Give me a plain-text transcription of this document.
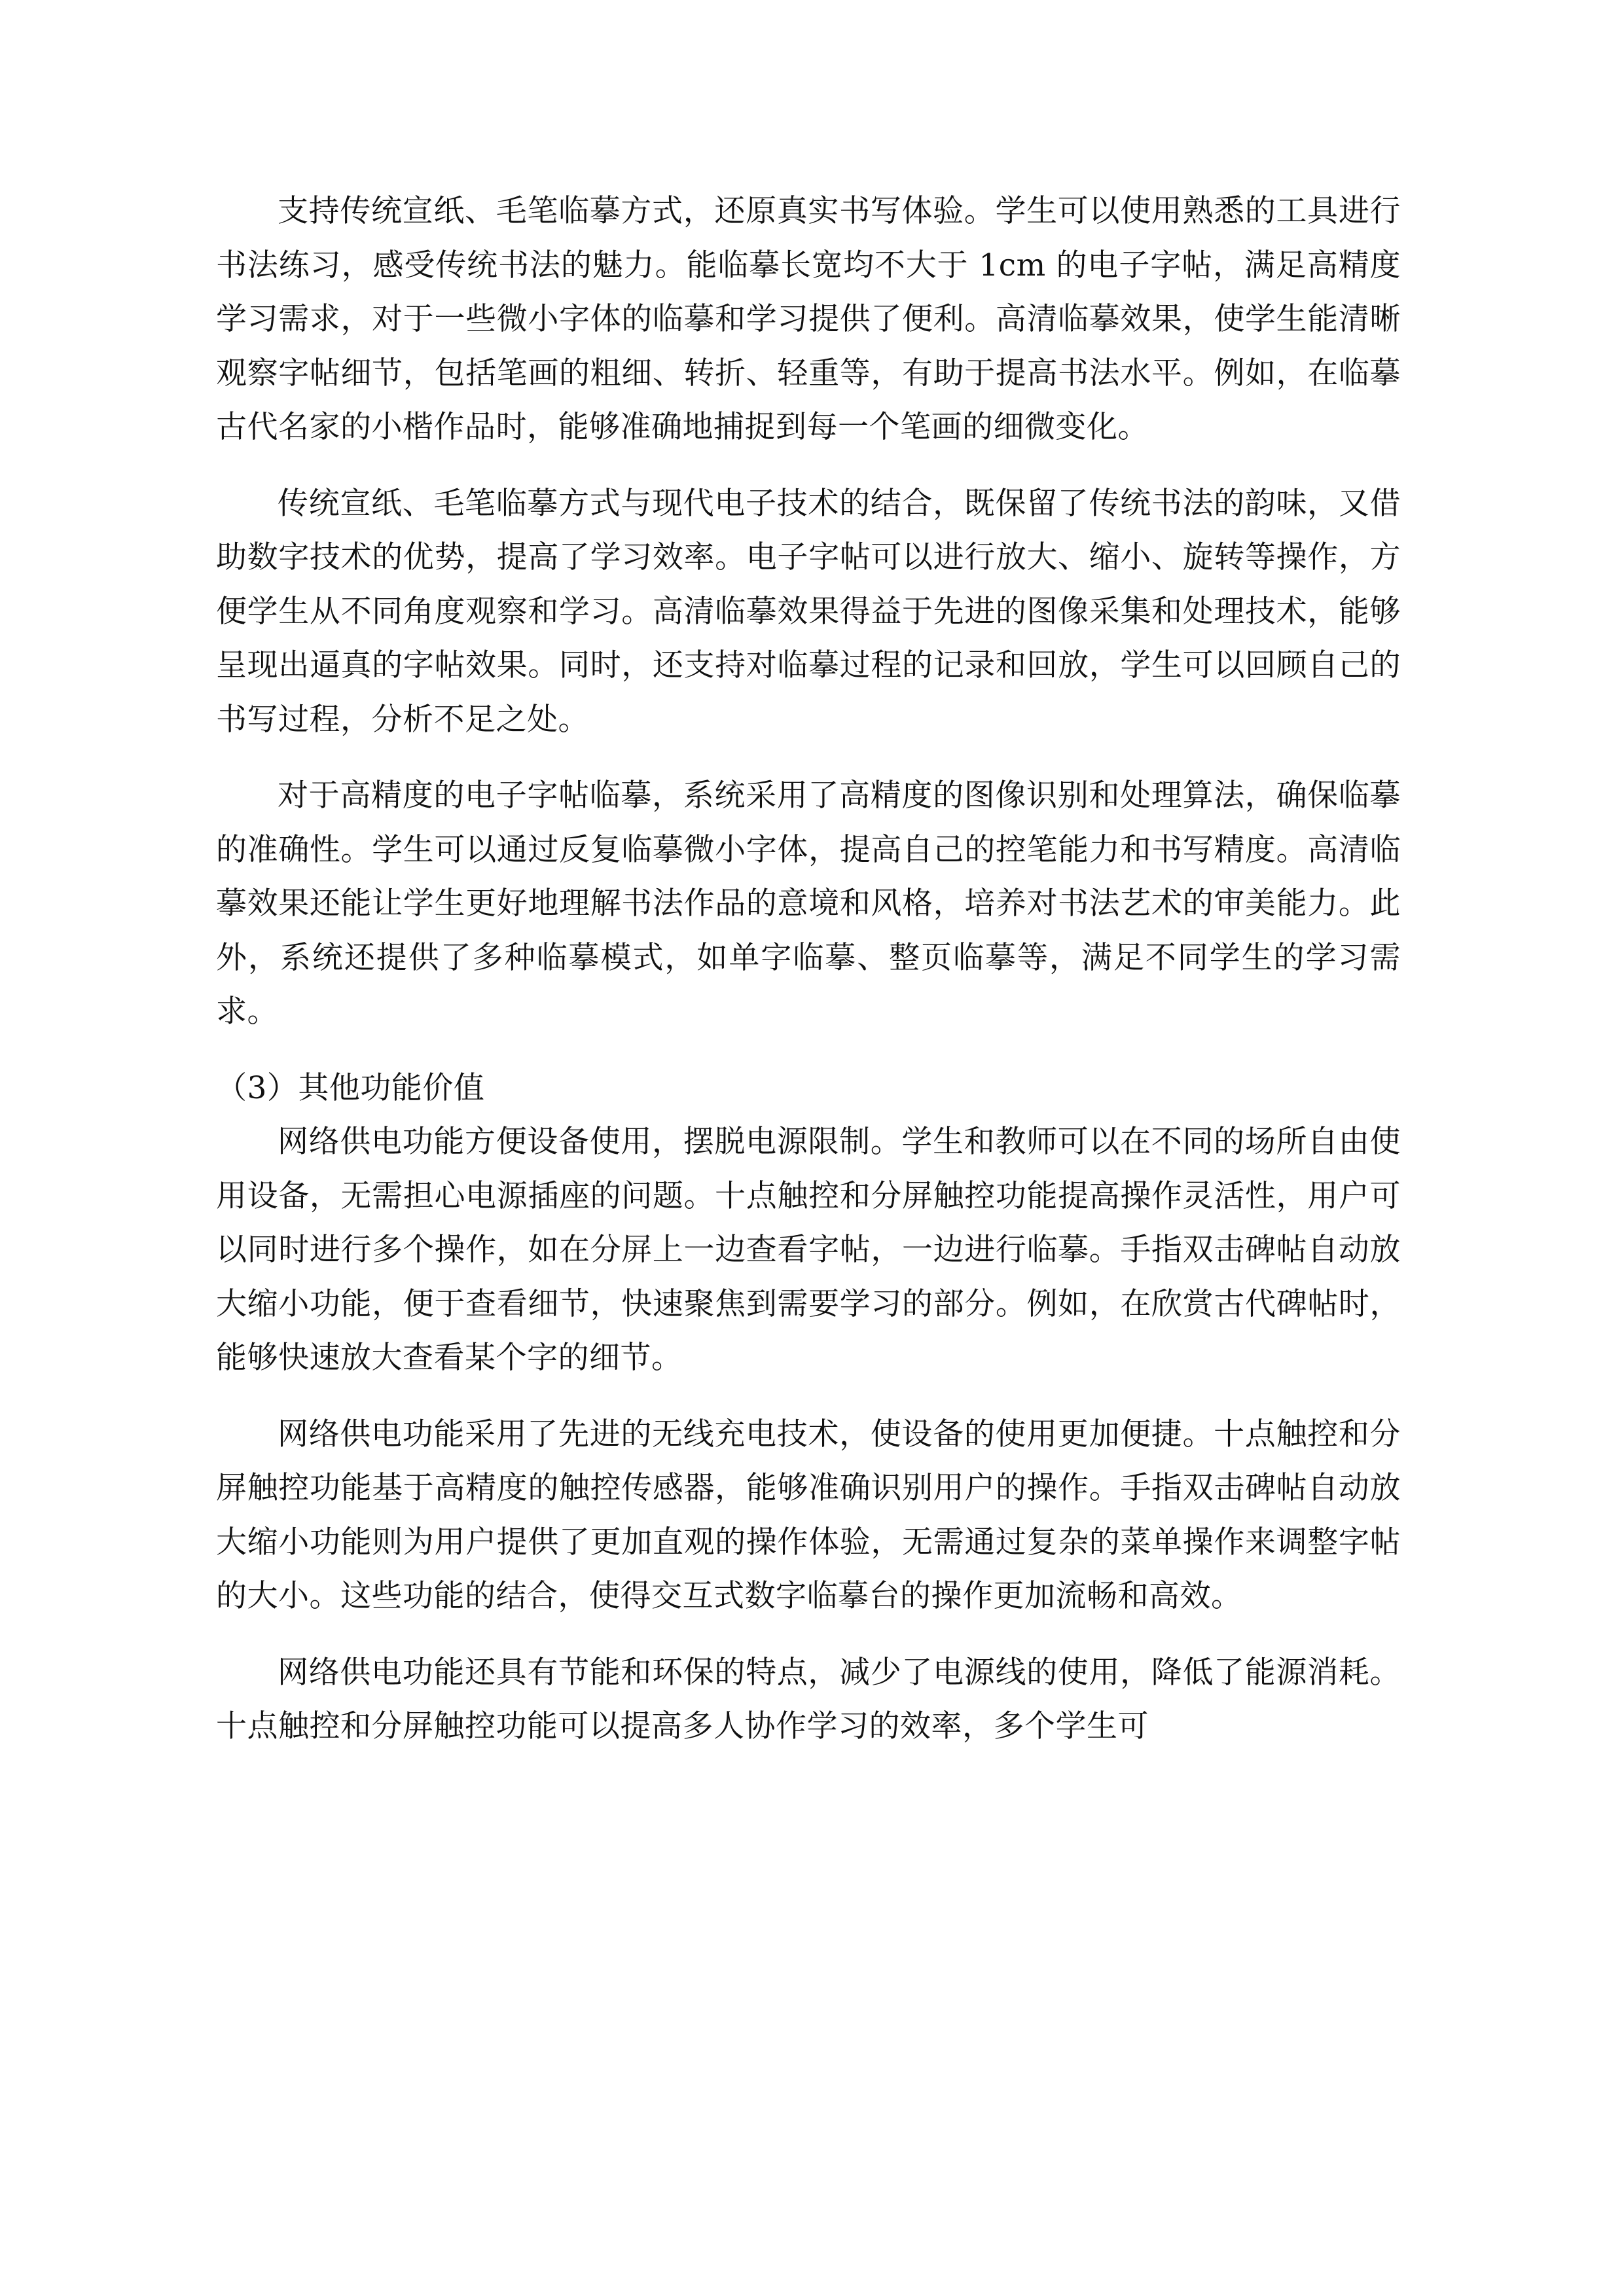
支持传统宣纸、毛笔临摹方式，还原真实书写体验。学生可以使用熟悉的工具进行书法练习，感受传统书法的魅力。能临摹长宽均不大于 1cm 的电子字帖，满足高精度学习需求，对于一些微小字体的临摹和学习提供了便利。高清临摹效果，使学生能清晰观察字帖细节，包括笔画的粗细、转折、轻重等，有助于提高书法水平。例如，在临摹古代名家的小楷作品时，能够准确地捕捉到每一个笔画的细微变化。

传统宣纸、毛笔临摹方式与现代电子技术的结合，既保留了传统书法的韵味，又借助数字技术的优势，提高了学习效率。电子字帖可以进行放大、缩小、旋转等操作，方便学生从不同角度观察和学习。高清临摹效果得益于先进的图像采集和处理技术，能够呈现出逼真的字帖效果。同时，还支持对临摹过程的记录和回放，学生可以回顾自己的书写过程，分析不足之处。

对于高精度的电子字帖临摹，系统采用了高精度的图像识别和处理算法，确保临摹的准确性。学生可以通过反复临摹微小字体，提高自己的控笔能力和书写精度。高清临摹效果还能让学生更好地理解书法作品的意境和风格，培养对书法艺术的审美能力。此外，系统还提供了多种临摹模式，如单字临摹、整页临摹等，满足不同学生的学习需求。

（3）其他功能价值

网络供电功能方便设备使用，摆脱电源限制。学生和教师可以在不同的场所自由使用设备，无需担心电源插座的问题。十点触控和分屏触控功能提高操作灵活性，用户可以同时进行多个操作，如在分屏上一边查看字帖，一边进行临摹。手指双击碑帖自动放大缩小功能，便于查看细节，快速聚焦到需要学习的部分。例如，在欣赏古代碑帖时，能够快速放大查看某个字的细节。

网络供电功能采用了先进的无线充电技术，使设备的使用更加便捷。十点触控和分屏触控功能基于高精度的触控传感器，能够准确识别用户的操作。手指双击碑帖自动放大缩小功能则为用户提供了更加直观的操作体验，无需通过复杂的菜单操作来调整字帖的大小。这些功能的结合，使得交互式数字临摹台的操作更加流畅和高效。

网络供电功能还具有节能和环保的特点，减少了电源线的使用，降低了能源消耗。十点触控和分屏触控功能可以提高多人协作学习的效率，多个学生可
